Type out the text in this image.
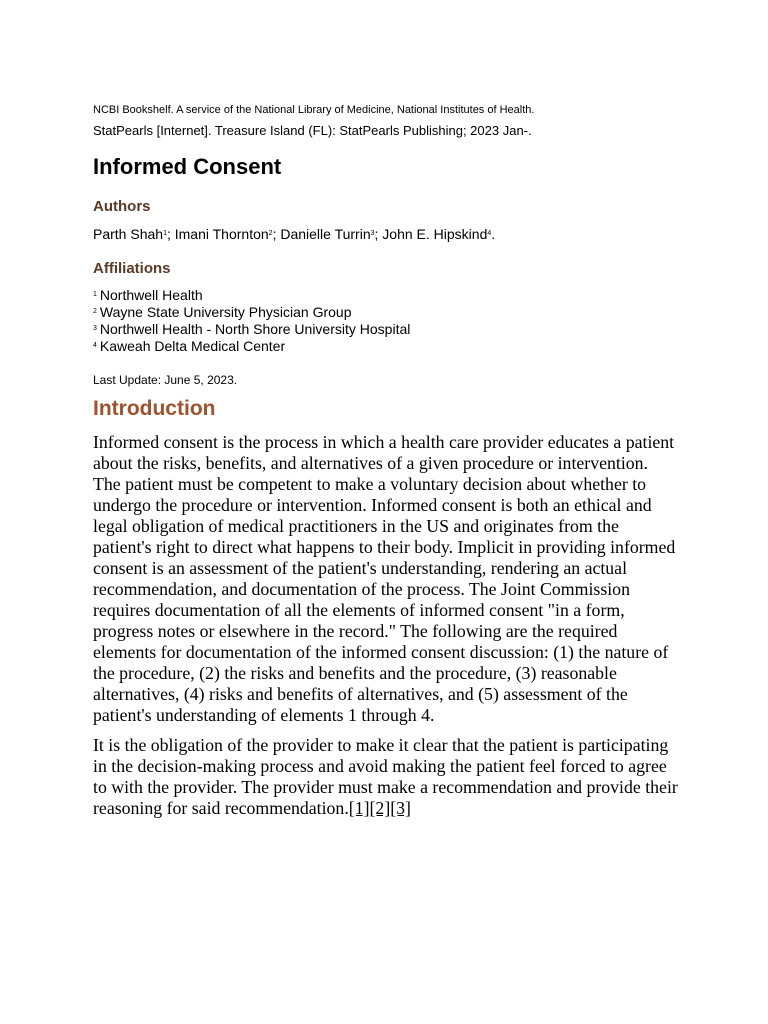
NCBI Bookshelf. A service of the National Library of Medicine, National Institutes of Health.

StatPearls [Internet]. Treasure Island (FL): StatPearls Publishing; 2023 Jan-.

Informed Consent
Authors

Parth Shah$^1$; Imani Thornton$^2$; Danielle Turrin$^3$; John E. Hipskind$^4$.

Affiliations
$^1$ Northwell Health
$^2$ Wayne State University Physician Group
$^3$ Northwell Health - North Shore University Hospital
$^4$ Kaweah Delta Medical Center

Last Update: June 5, 2023.

Introduction

Informed consent is the process in which a health care provider educates a patient about the risks, benefits, and alternatives of a given procedure or intervention. The patient must be competent to make a voluntary decision about whether to undergo the procedure or intervention. Informed consent is both an ethical and legal obligation of medical practitioners in the US and originates from the patient's right to direct what happens to their body. Implicit in providing informed consent is an assessment of the patient's understanding, rendering an actual recommendation, and documentation of the process. The Joint Commission requires documentation of all the elements of informed consent "in a form, progress notes or elsewhere in the record." The following are the required elements for documentation of the informed consent discussion: (1) the nature of the procedure, (2) the risks and benefits and the procedure, (3) reasonable alternatives, (4) risks and benefits of alternatives, and (5) assessment of the patient's understanding of elements 1 through 4.

It is the obligation of the provider to make it clear that the patient is participating in the decision-making process and avoid making the patient feel forced to agree to with the provider. The provider must make a recommendation and provide their reasoning for said recommendation.[1][2][3]
